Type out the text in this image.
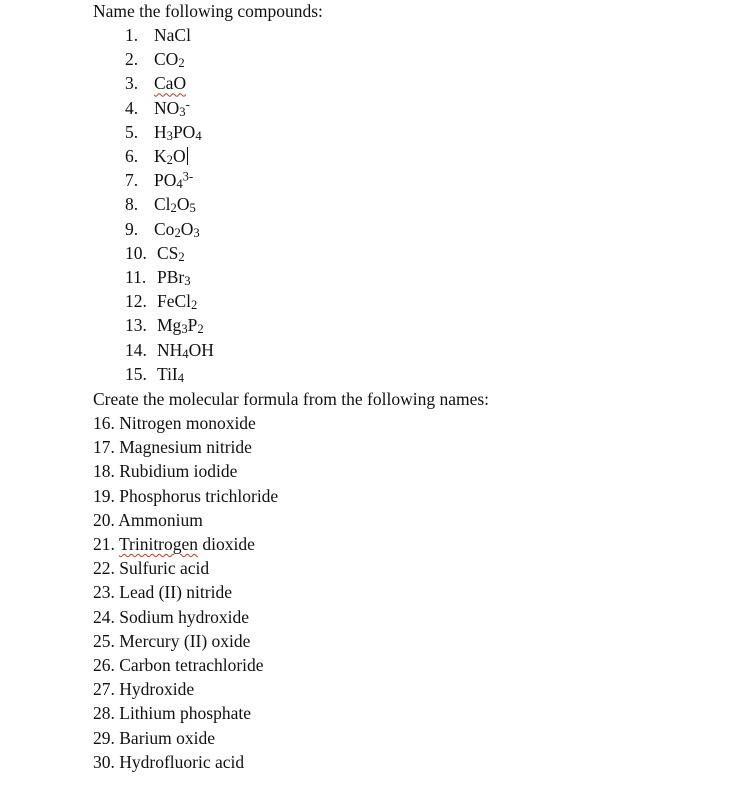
Name the following compounds:
1. NaCl
2. $CO_2$
3. CaO
4. $NO_3^-$
5. $H_3PO_4$
6. $K_2O$
7. $PO_4^{3-}$
8. $Cl_2O_5$
9. $Co_2O_3$
10. $CS_2$
11. PBr$_3$
12. FeCl$_2$
13. $Mg_3P_2$
14. $NH_4OH$
15. TiI$_4$
Create the molecular formula from the following names:
16. Nitrogen monoxide
17. Magnesium nitride
18. Rubidium iodide
19. Phosphorus trichloride
20. Ammonium
21. Trinitrogen dioxide
22. Sulfuric acid
23. Lead (II) nitride
24. Sodium hydroxide
25. Mercury (II) oxide
26. Carbon tetrachloride
27. Hydroxide
28. Lithium phosphate
29. Barium oxide
30. Hydrofluoric acid
